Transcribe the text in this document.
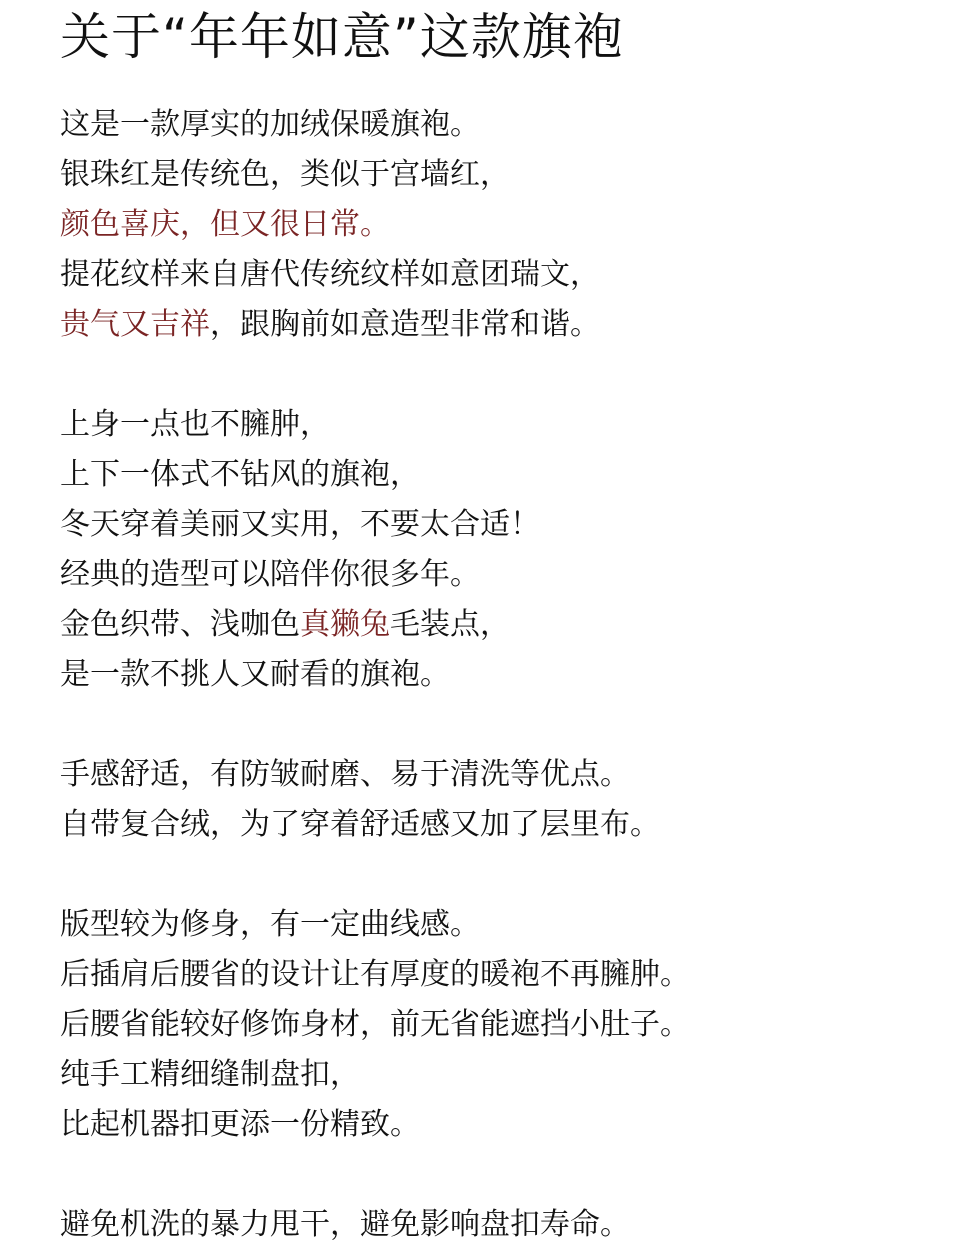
关于“年年如意”这款旗袍
这是一款厚实的加绒保暖旗袍。
银珠红是传统色，类似于宫墙红，
颜色喜庆，但又很日常。
提花纹样来自唐代传统纹样如意团瑞文，
贵气又吉祥，跟胸前如意造型非常和谐。
上身一点也不臃肿，
上下一体式不钻风的旗袍，
冬天穿着美丽又实用，不要太合适！
经典的造型可以陪伴你很多年。
金色织带、浅咖色真獭兔毛装点，
是一款不挑人又耐看的旗袍。
手感舒适，有防皱耐磨、易于清洗等优点。
自带复合绒，为了穿着舒适感又加了层里布。
版型较为修身，有一定曲线感。
后插肩后腰省的设计让有厚度的暖袍不再臃肿。
后腰省能较好修饰身材，前无省能遮挡小肚子。
纯手工精细缝制盘扣，
比起机器扣更添一份精致。
避免机洗的暴力甩干，避免影响盘扣寿命。
